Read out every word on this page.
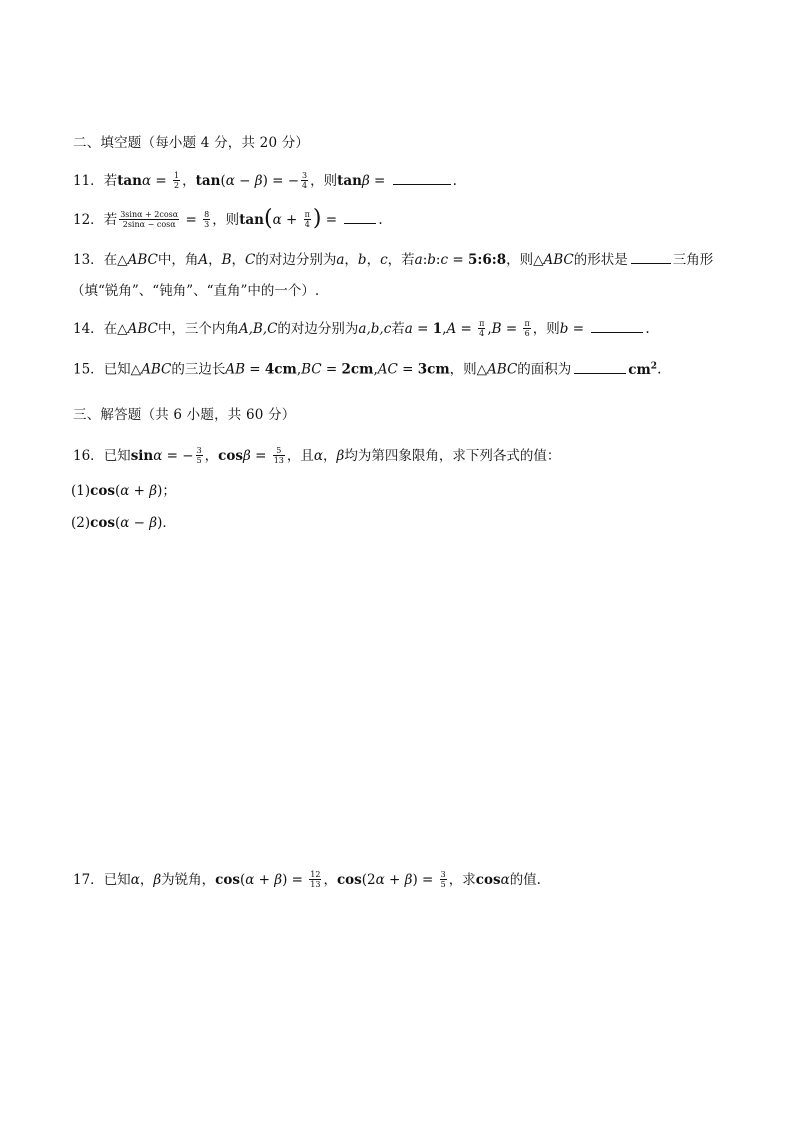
二、填空题（每小题 4 分，共 20 分）
11．若$\tan\alpha = \frac{1}{2}$ ，tan(α − β) = − $\frac{3}{4}$ ，则tanβ =	.
12．若 $\frac{3\sin\alpha + 2\cos\alpha}{2\sin\alpha - \cos\alpha} = \frac{8}{3}$ ，则$\tan(\alpha + \frac{\pi}{4}$ ) =	.
13．在△ABC中，角A，B，C的对边分别为a，b，c，若a:b:c = 5:6:8，则△ABC的形状是	三角形
（填“锐角”、“钝角”、“直角”中的一个）.
14．在△ABC中，三个内角A,B,C的对边分别为a,b,c若$a = 1,A = \frac{\pi}{4} ,B = \frac{\pi}{6}$ ，则b =	.
15．已知△ABC的三边长AB = 4cm,BC = 2cm,AC = 3cm，则△ABC的面积为	$cm^2$.
三、解答题（共 6 小题，共 60 分）
16．已知sinα = − $\frac{3}{5}$ ，$\cos\beta = \frac{5}{13}$ ，且α，β均为第四象限角，求下列各式的值：
(1)cos(α + β)；
(2)cos(α − β)．
17．已知α，β为锐角，$\cos(\alpha + \beta) = \frac{12}{13}$ ，$\cos(2\alpha + \beta) = \frac{3}{5}$ ，求cosα的值.
